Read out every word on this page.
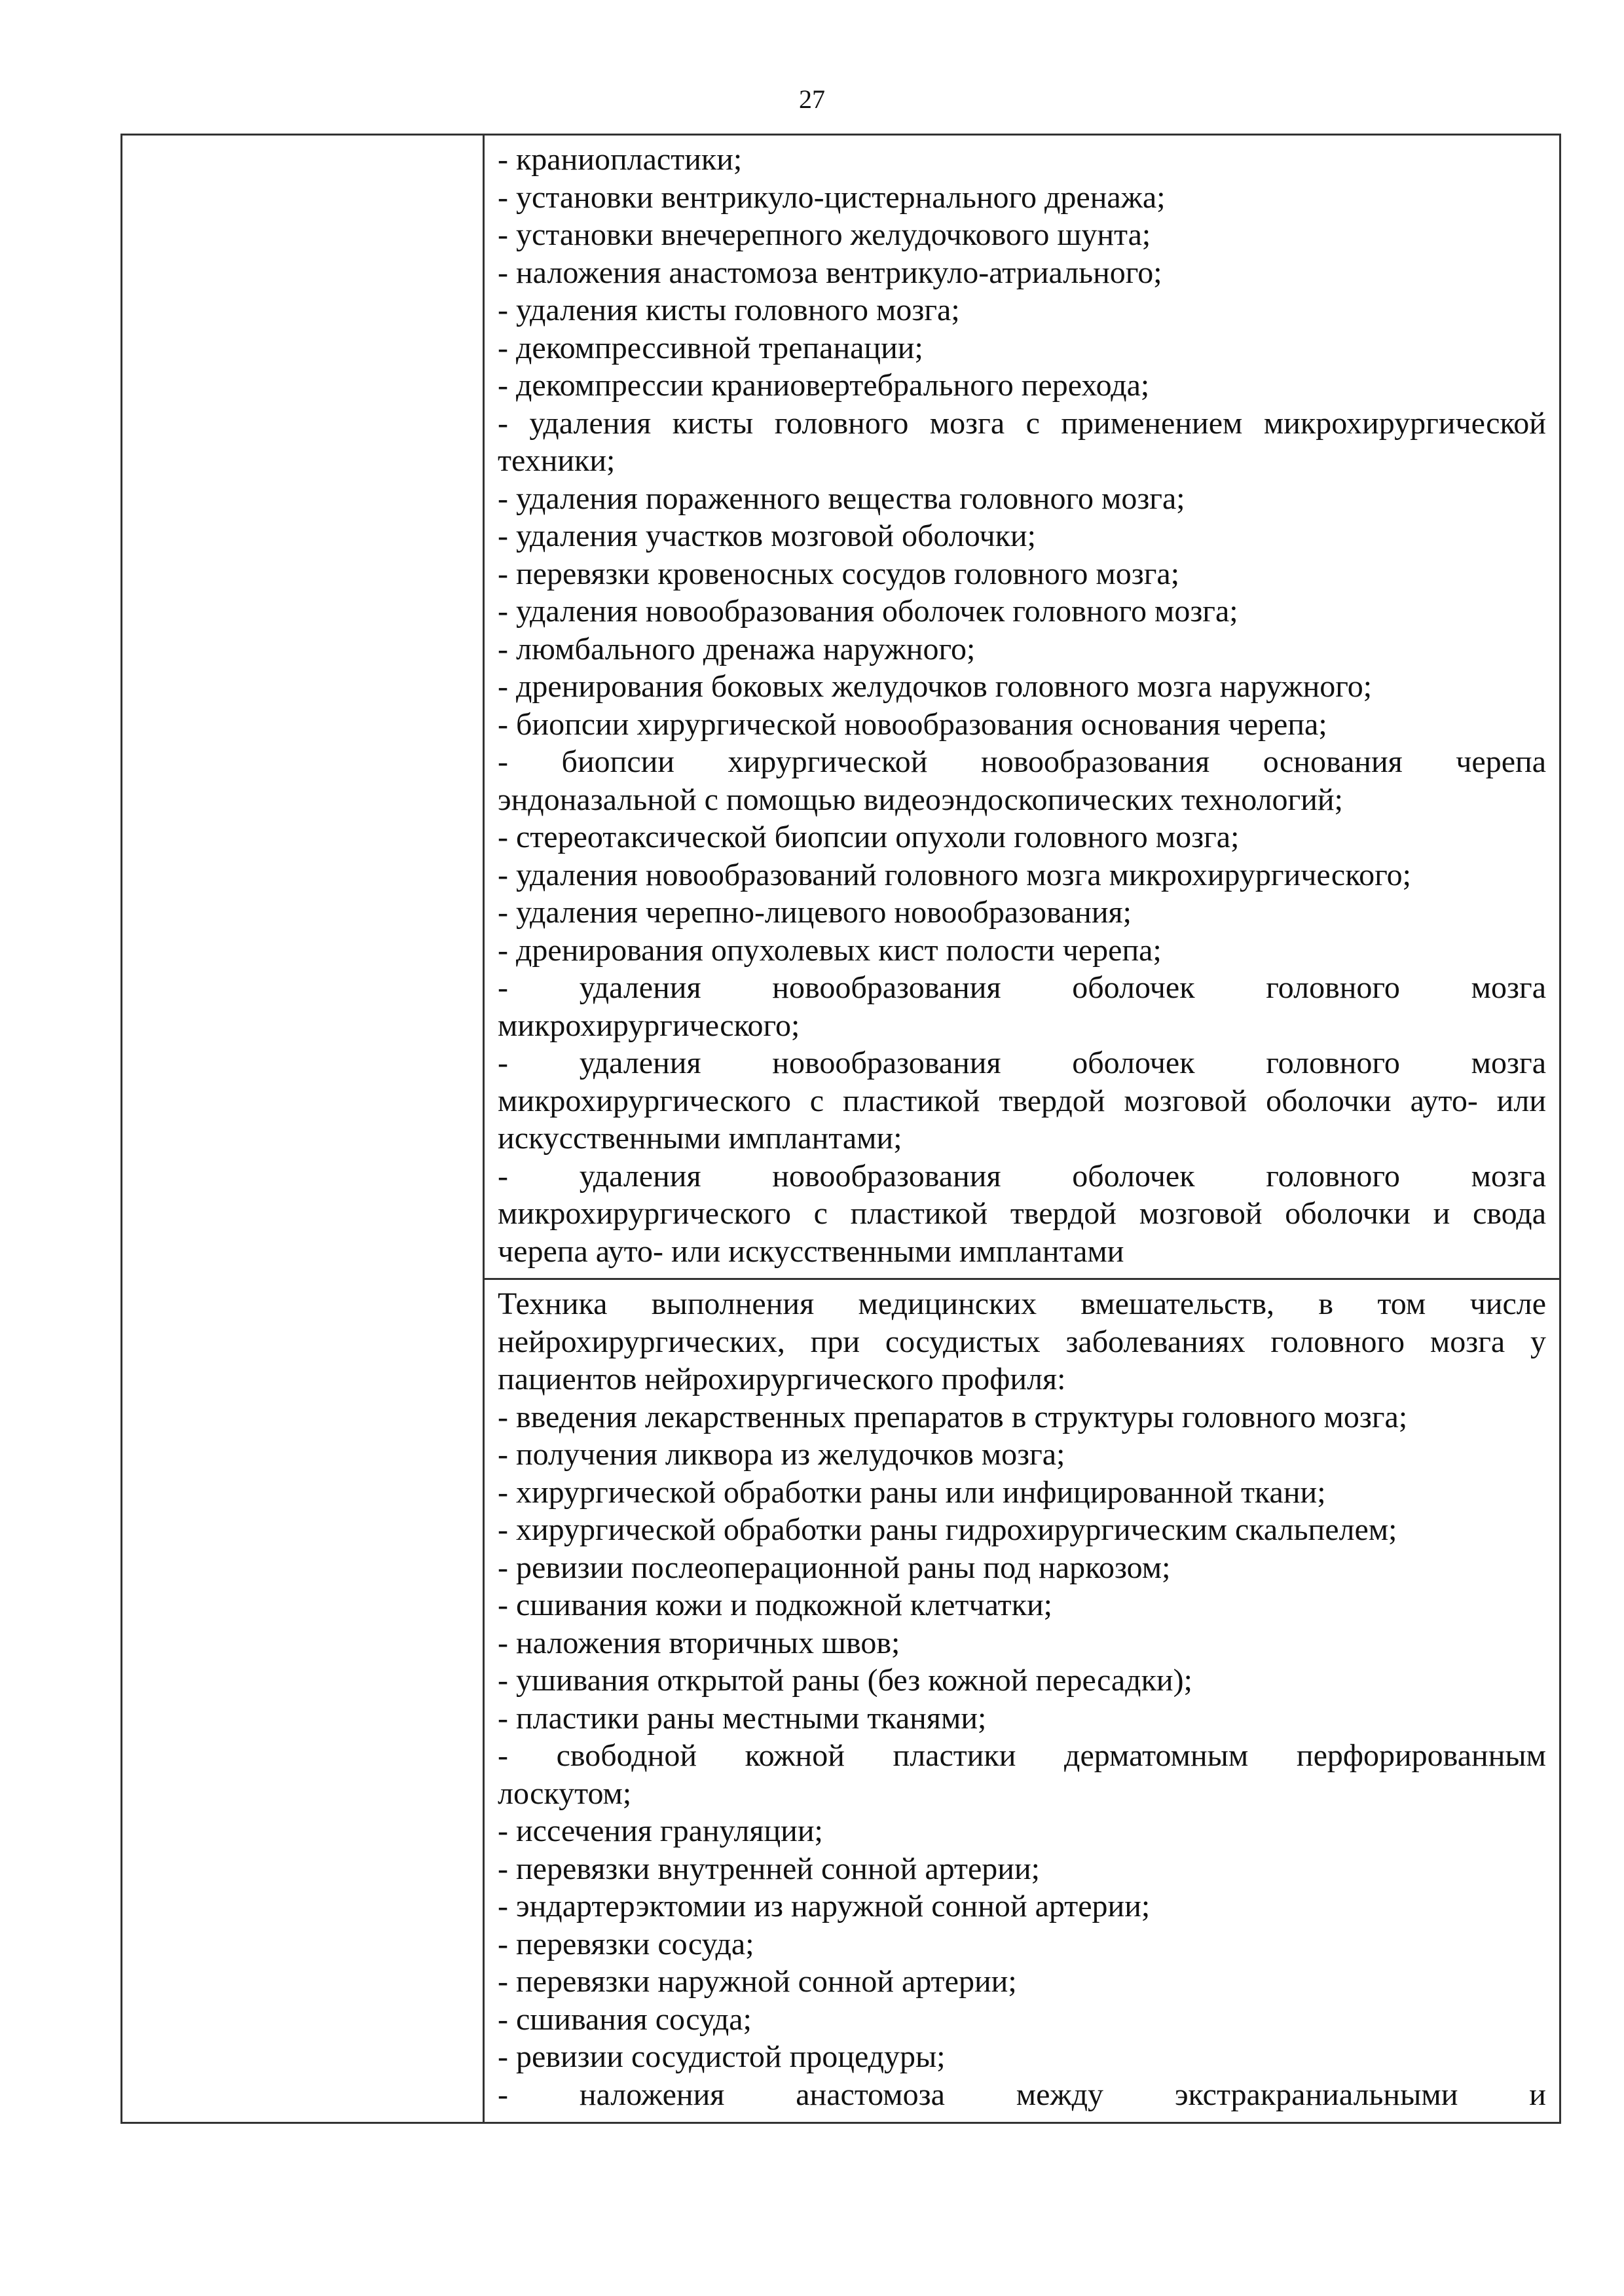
27
- краниопластики;
- установки вентрикуло-цистернального дренажа;
- установки внечерепного желудочкового шунта;
- наложения анастомоза вентрикуло-атриального;
- удаления кисты головного мозга;
- декомпрессивной трепанации;
- декомпрессии краниовертебрального перехода;
- удаления кисты головного мозга с применением микрохирургической
техники;
- удаления пораженного вещества головного мозга;
- удаления участков мозговой оболочки;
- перевязки кровеносных сосудов головного мозга;
- удаления новообразования оболочек головного мозга;
- люмбального дренажа наружного;
- дренирования боковых желудочков головного мозга наружного;
- биопсии хирургической новообразования основания черепа;
- биопсии хирургической новообразования основания черепа
эндоназальной с помощью видеоэндоскопических технологий;
- стереотаксической биопсии опухоли головного мозга;
- удаления новообразований головного мозга микрохирургического;
- удаления черепно-лицевого новообразования;
- дренирования опухолевых кист полости черепа;
- удаления новообразования оболочек головного мозга
микрохирургического;
- удаления новообразования оболочек головного мозга
микрохирургического с пластикой твердой мозговой оболочки ауто- или
искусственными имплантами;
- удаления новообразования оболочек головного мозга
микрохирургического с пластикой твердой мозговой оболочки и свода
черепа ауто- или искусственными имплантами
Техника выполнения медицинских вмешательств, в том числе
нейрохирургических, при сосудистых заболеваниях головного мозга у
пациентов нейрохирургического профиля:
- введения лекарственных препаратов в структуры головного мозга;
- получения ликвора из желудочков мозга;
- хирургической обработки раны или инфицированной ткани;
- хирургической обработки раны гидрохирургическим скальпелем;
- ревизии послеоперационной раны под наркозом;
- сшивания кожи и подкожной клетчатки;
- наложения вторичных швов;
- ушивания открытой раны (без кожной пересадки);
- пластики раны местными тканями;
- свободной кожной пластики дерматомным перфорированным
лоскутом;
- иссечения грануляции;
- перевязки внутренней сонной артерии;
- эндартерэктомии из наружной сонной артерии;
- перевязки сосуда;
- перевязки наружной сонной артерии;
- сшивания сосуда;
- ревизии сосудистой процедуры;
- наложения анастомоза между экстракраниальными и
